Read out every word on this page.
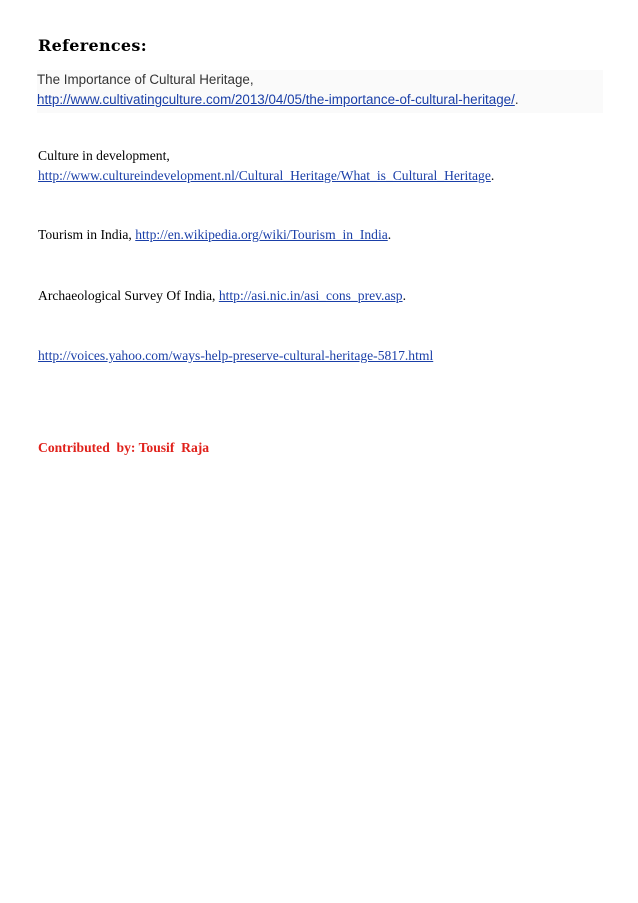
References:
The Importance of Cultural Heritage,
http://www.cultivatingculture.com/2013/04/05/the-importance-of-cultural-heritage/.
Culture in development,
http://www.cultureindevelopment.nl/Cultural_Heritage/What_is_Cultural_Heritage.
Tourism in India, http://en.wikipedia.org/wiki/Tourism_in_India.
Archaeological Survey Of India, http://asi.nic.in/asi_cons_prev.asp.
http://voices.yahoo.com/ways-help-preserve-cultural-heritage-5817.html
Contributed  by: Tousif  Raja
